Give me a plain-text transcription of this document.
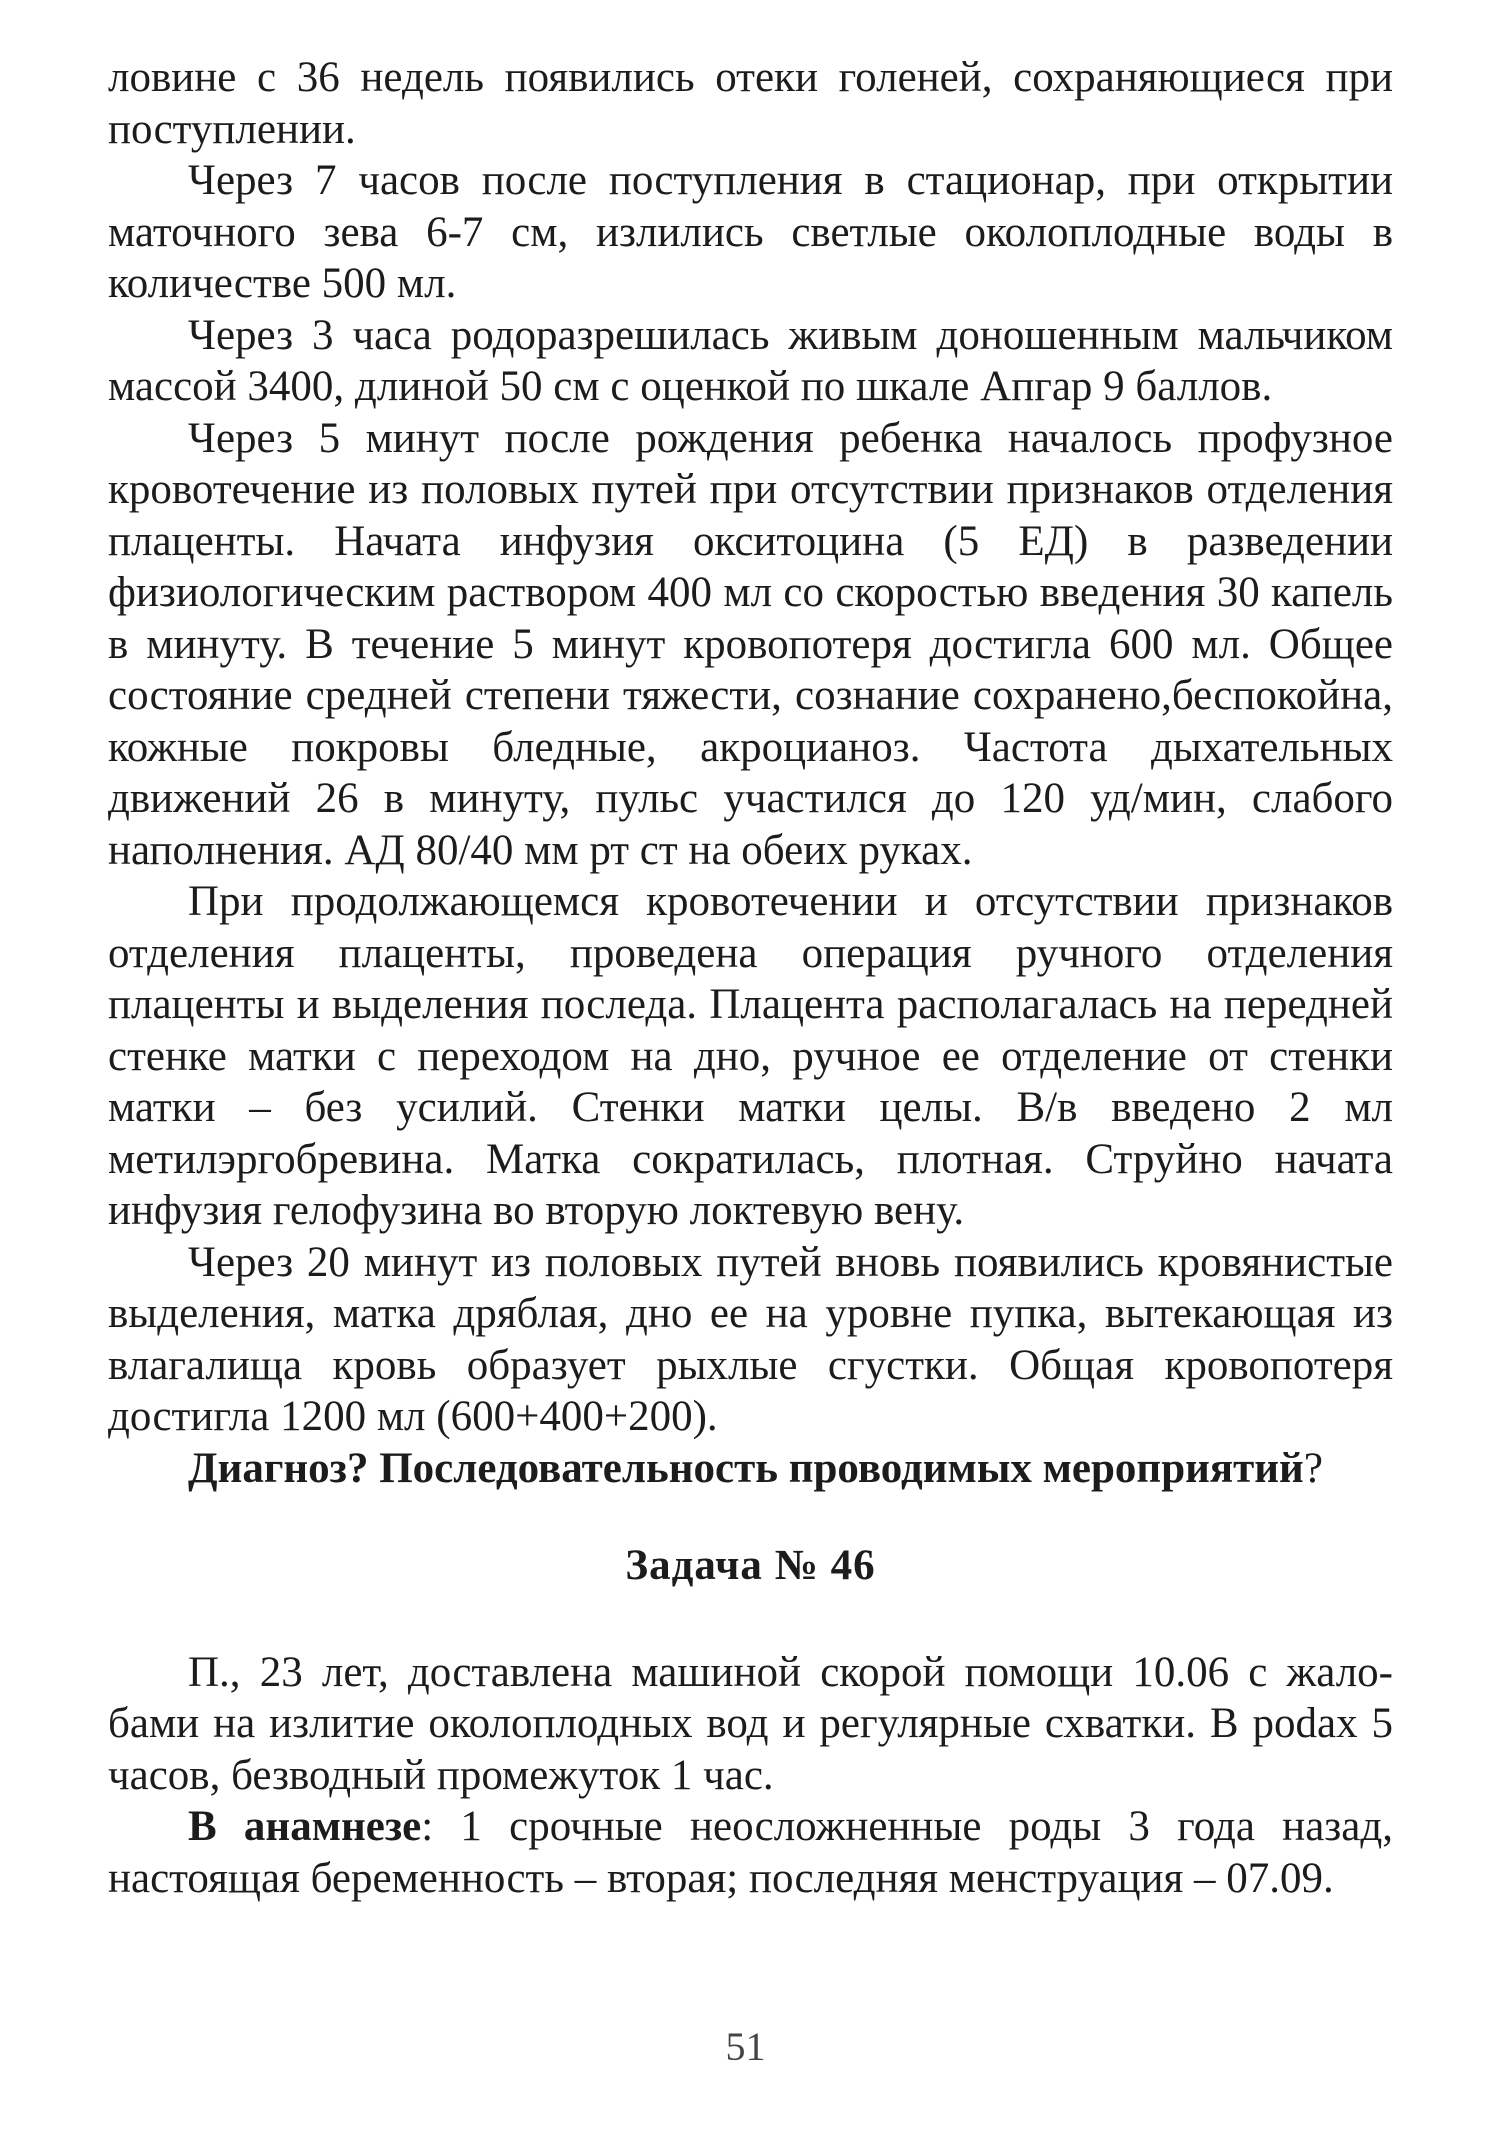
ловине с 36 недель появились отеки голеней, сохраняющиеся при поступлении.

Через 7 часов после поступления в стационар, при открытии маточного зева 6-7 см, излились светлые околоплодные воды в количестве 500 мл.

Через 3 часа родоразрешилась живым доношенным мальчиком массой 3400, длиной 50 см с оценкой по шкале Апгар 9 баллов.

Через 5 минут после рождения ребенка началось профузное кровотечение из половых путей при отсутствии признаков отделения плаценты. Начата инфузия окситоцина (5 ЕД) в разведении физиологическим раствором 400 мл со скоростью введения 30 капель в минуту. В течение 5 минут кровопотеря достигла 600 мл. Общее состояние средней степени тяжести, сознание сохранено,беспокойна, кожные покровы бледные, акроцианоз. Частота дыхательных движений 26 в минуту, пульс участился до 120 уд/мин, слабого наполнения. АД 80/40 мм рт ст на обеих руках.

При продолжающемся кровотечении и отсутствии признаков отделения плаценты, проведена операция ручного отделения плаценты и выделения последа. Плацента располагалась на передней стенке матки с переходом на дно, ручное ее отделение от стенки матки – без усилий. Стенки матки целы. В/в введено 2 мл метилэргобревина. Матка сократилась, плотная. Струйно начата инфузия гелофузина во вторую локтевую вену.

Через 20 минут из половых путей вновь появились кровянистые выделения, матка дряблая, дно ее на уровне пупка, вытекающая из влагалища кровь образует рыхлые сгустки. Общая кровопотеря достигла 1200 мл (600+400+200).

Диагноз? Последовательность проводимых мероприятий?

Задача № 46

П., 23 лет, доставлена машиной скорой помощи 10.06 с жалобами на излитие околоплодных вод и регулярные схватки. В роdах 5 часов, безводный промежуток 1 час.

В анамнезе: 1 срочные неосложненные роды 3 года назад, настоящая беременность – вторая; последняя менструация – 07.09.

51
